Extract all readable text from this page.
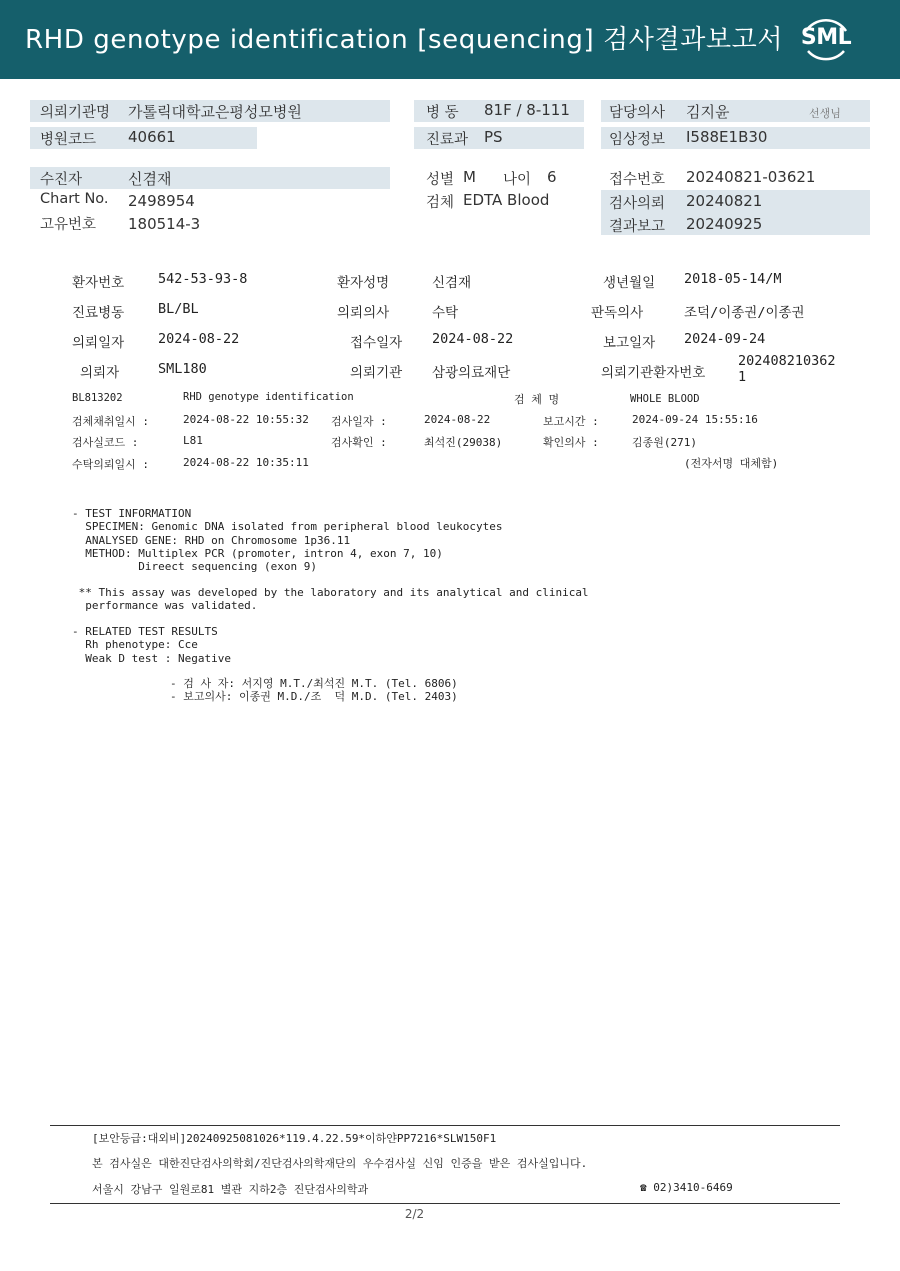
RHD genotype identification [sequencing] 검사결과보고서 SML
의뢰기관명 가톨릭대학교은평성모병원
병원코드 40661
병 동 81F / 8-111
진료과 PS
담당의사 김지윤	선생님
임상정보 I588E1B30
수진자	신겸재
Chart No. 2498954
고유번호 180514-3
성별 M 나이 6
검체 EDTA Blood
접수번호 20240821-03621
검사의뢰 20240821
결과보고 20240925
환자번호	542-53-93-8	환자성명	신겸재	생년월일 2018-05-14/M
진료병동	BL/BL	의뢰의사	수탁	판독의사	조덕/이종권/이종권
의뢰일자	2024-08-22	접수일자 2024-08-22	보고일자 2024-09-24
의뢰자	SML180	의뢰기관 삼광의료재단	의뢰기관환자번호
202408210362
1
BL813202	RHD genotype identification	검 체 명	WHOLE BLOOD
검체채취일시 :	2024-08-22 10:55:32 검사일자 :	2024-08-22	보고시간 :	2024-09-24 15:55:16
검사실코드 :	L81	검사확인 :	최석진(29038)	확인의사 :	김종원(271)
수탁의뢰일시 :	2024-08-22 10:35:11	(전자서명 대체함)
- TEST INFORMATION
SPECIMEN: Genomic DNA isolated from peripheral blood leukocytes
ANALYSED GENE: RHD on Chromosome 1p36.11
METHOD: Multiplex PCR (promoter, intron 4, exon 7, 10)
Direect sequencing (exon 9)
** This assay was developed by the laboratory and its analytical and clinical
performance was validated.
- RELATED TEST RESULTS
Rh phenotype: Cce
Weak D test : Negative
- 검 사 자: 서지영 M.T./최석진 M.T. (Tel. 6806)
- 보고의사: 이종권 M.D./조  덕 M.D. (Tel. 2403)
[보안등급:대외비]20240925081026*119.4.22.59*이하얀PP7216*SLW150F1
본 검사실은 대한진단검사의학회/진단검사의학재단의 우수검사실 신임 인증을 받은 검사실입니다.
서울시 강남구 일원로81 별관 지하2층 진단검사의학과	☎ 02)3410-6469
2/2
